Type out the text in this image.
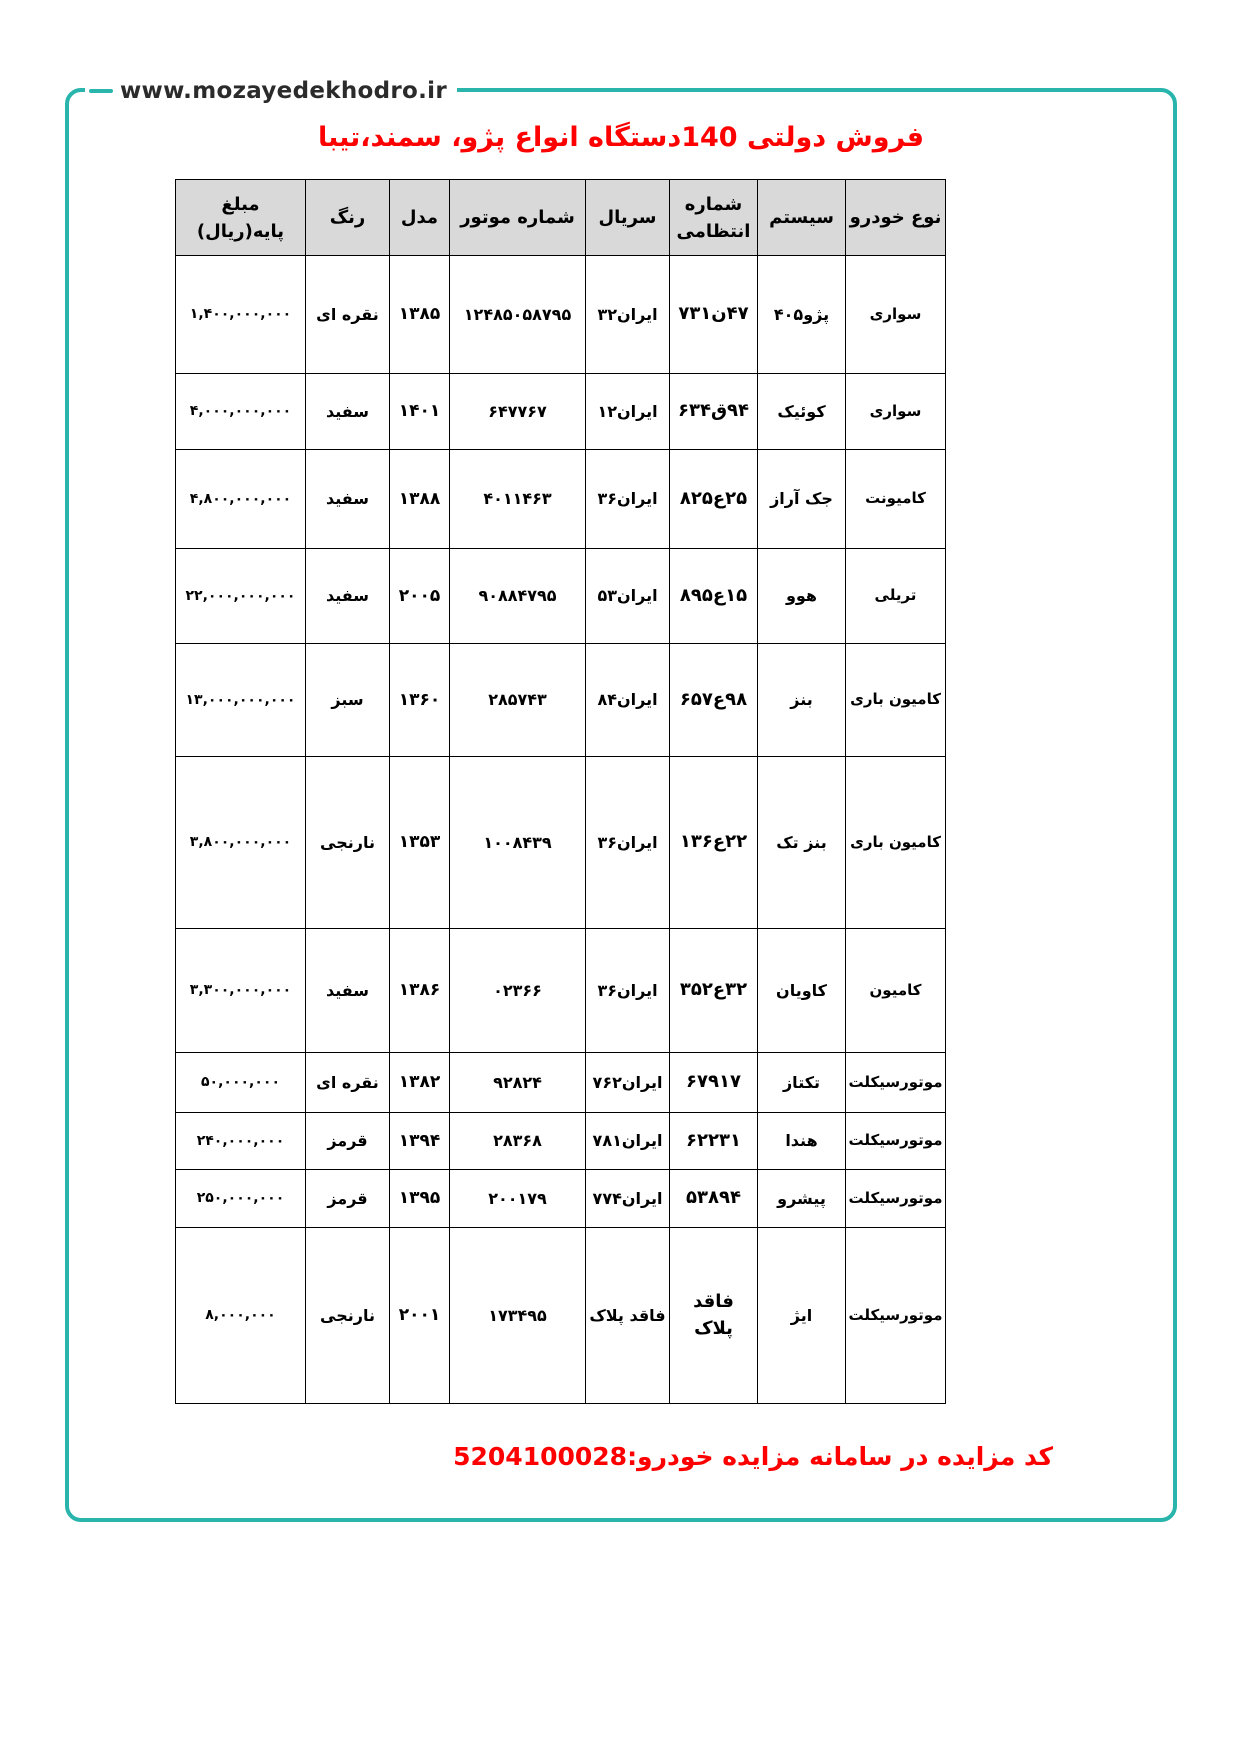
www.mozayedekhodro.ir
فروش دولتی 140دستگاه انواع پژو، سمند،تیبا
نوع خودرو	سیستم	شماره انتظامی	سریال	شماره موتور	مدل	رنگ	مبلغ پایه(ریال)
سواری	پژو۴۰۵	۴۷ن۷۳۱	ایران۳۲	۱۲۴۸۵۰۵۸۷۹۵	۱۳۸۵	نقره ای	۱,۴۰۰,۰۰۰,۰۰۰
سواری	کوئیک	۹۴ق۶۳۴	ایران۱۲	۶۴۷۷۶۷	۱۴۰۱	سفید	۴,۰۰۰,۰۰۰,۰۰۰
کامیونت	جک آراز	۲۵ع۸۲۵	ایران۳۶	۴۰۱۱۴۶۳	۱۳۸۸	سفید	۴,۸۰۰,۰۰۰,۰۰۰
تریلی	هوو	۱۵ع۸۹۵	ایران۵۳	۹۰۸۸۴۷۹۵	۲۰۰۵	سفید	۲۲,۰۰۰,۰۰۰,۰۰۰
کامیون باری	بنز	۹۸ع۶۵۷	ایران۸۴	۲۸۵۷۴۳	۱۳۶۰	سبز	۱۳,۰۰۰,۰۰۰,۰۰۰
کامیون باری	بنز تک	۲۲ع۱۳۶	ایران۳۶	۱۰۰۸۴۳۹	۱۳۵۳	نارنجی	۳,۸۰۰,۰۰۰,۰۰۰
کامیون	کاویان	۳۲ع۳۵۲	ایران۳۶	۰۲۳۶۶	۱۳۸۶	سفید	۳,۳۰۰,۰۰۰,۰۰۰
موتورسیکلت	تکتاز	۶۷۹۱۷	ایران۷۶۲	۹۲۸۲۴	۱۳۸۲	نقره ای	۵۰,۰۰۰,۰۰۰
موتورسیکلت	هندا	۶۲۲۳۱	ایران۷۸۱	۲۸۳۶۸	۱۳۹۴	قرمز	۲۴۰,۰۰۰,۰۰۰
موتورسیکلت	پیشرو	۵۳۸۹۴	ایران۷۷۴	۲۰۰۱۷۹	۱۳۹۵	قرمز	۲۵۰,۰۰۰,۰۰۰
موتورسیکلت	ایژ	فاقد پلاک	فاقد پلاک	۱۷۳۴۹۵	۲۰۰۱	نارنجی	۸,۰۰۰,۰۰۰
کد مزایده در سامانه مزایده خودرو:5204100028
